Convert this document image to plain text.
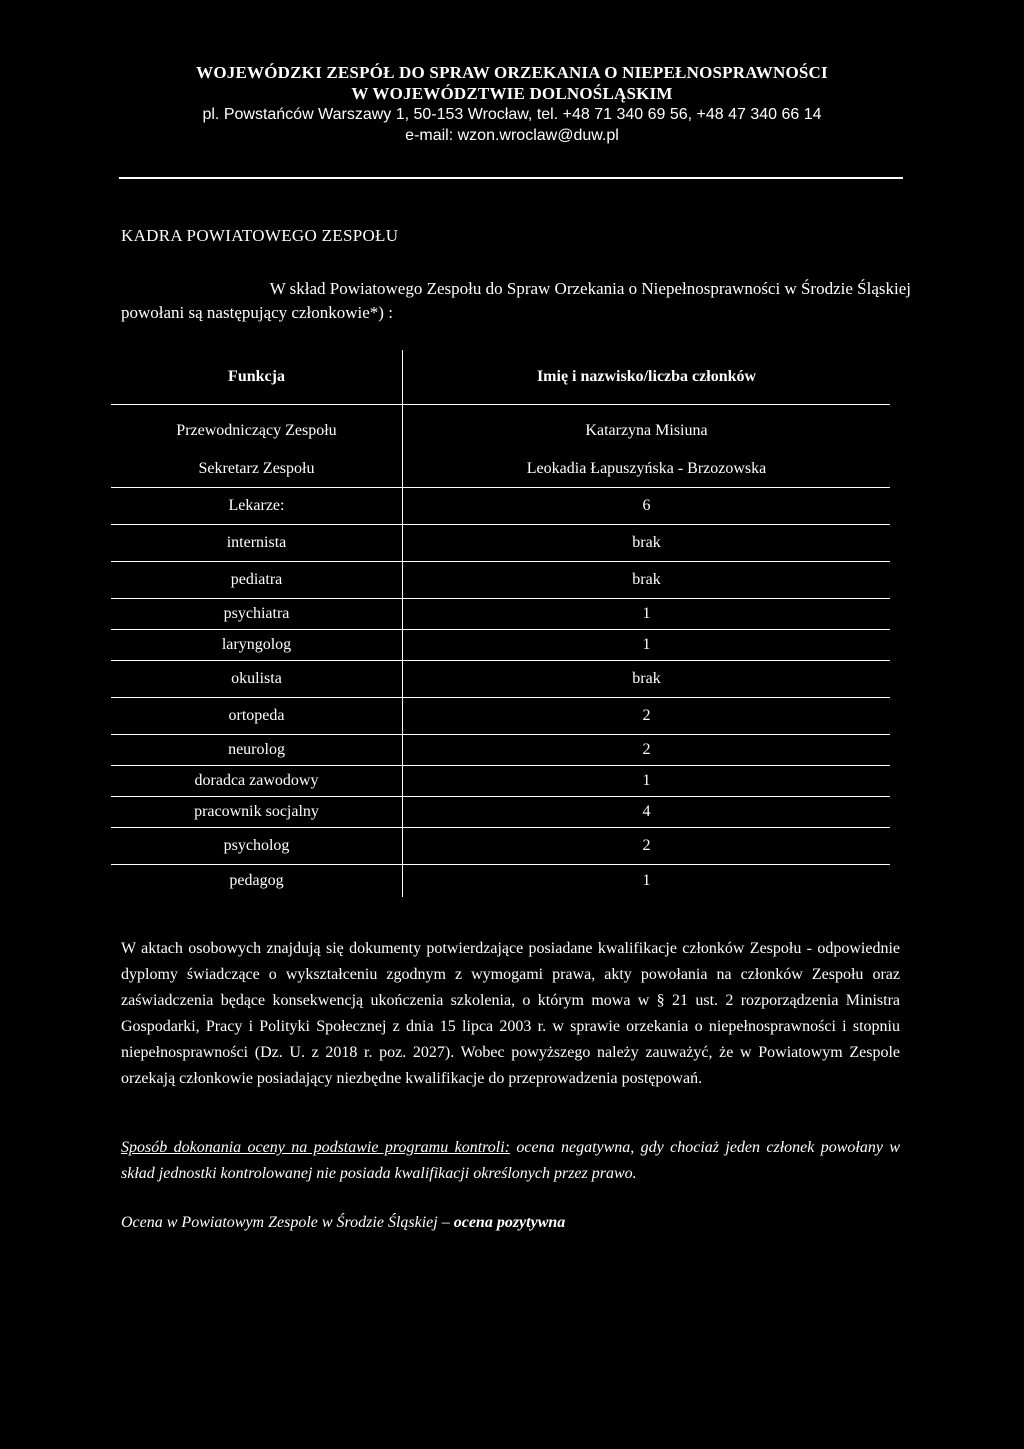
WOJEWÓDZKI ZESPÓŁ DO SPRAW ORZEKANIA O NIEPEŁNOSPRAWNOŚCI
W WOJEWÓDZTWIE DOLNOŚLĄSKIM
pl. Powstańców Warszawy 1, 50-153 Wrocław, tel. +48 71 340 69 56, +48 47 340 66 14
e-mail: wzon.wroclaw@duw.pl
KADRA POWIATOWEGO ZESPOŁU
W skład Powiatowego Zespołu do Spraw Orzekania o Niepełnosprawności w Środzie Śląskiej
powołani są następujący członkowie*) :
Funkcja	Imię i nazwisko/liczba członków
Przewodniczący Zespołu	Katarzyna Misiuna
Sekretarz Zespołu	Leokadia Łapuszyńska - Brzozowska
Lekarze:	6
internista	brak
pediatra	brak
psychiatra	1
laryngolog	1
okulista	brak
ortopeda	2
neurolog	2
doradca zawodowy	1
pracownik socjalny	4
psycholog	2
pedagog	1
W aktach osobowych znajdują się dokumenty potwierdzające posiadane kwalifikacje członków Zespołu - odpowiednie dyplomy świadczące o wykształceniu zgodnym z wymogami prawa, akty powołania na członków Zespołu oraz zaświadczenia będące konsekwencją ukończenia szkolenia, o którym mowa w § 21 ust. 2 rozporządzenia Ministra Gospodarki, Pracy i Polityki Społecznej z dnia 15 lipca 2003 r. w sprawie orzekania o niepełnosprawności i stopniu niepełnosprawności (Dz. U. z 2018 r. poz. 2027). Wobec powyższego należy zauważyć, że w Powiatowym Zespole orzekają członkowie posiadający niezbędne kwalifikacje do przeprowadzenia postępowań.
Sposób dokonania oceny na podstawie programu kontroli: ocena negatywna, gdy chociaż jeden członek powołany w skład jednostki kontrolowanej nie posiada kwalifikacji określonych przez prawo.
Ocena w Powiatowym Zespole w Środzie Śląskiej – ocena pozytywna
